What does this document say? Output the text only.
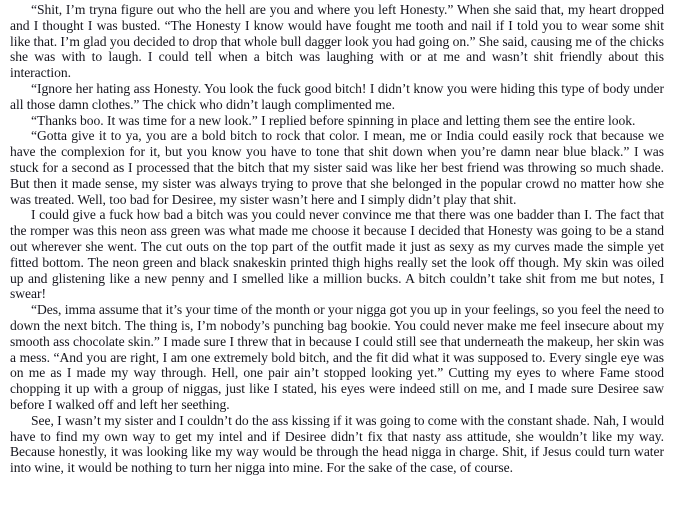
“Shit, I’m tryna figure out who the hell are you and where you left Honesty.” When she said that, my heart dropped and I thought I was busted. “The Honesty I know would have fought me tooth and nail if I told you to wear some shit like that. I’m glad you decided to drop that whole bull dagger look you had going on.” She said, causing me of the chicks she was with to laugh. I could tell when a bitch was laughing with or at me and wasn’t shit friendly about this interaction.

“Ignore her hating ass Honesty. You look the fuck good bitch! I didn’t know you were hiding this type of body under all those damn clothes.” The chick who didn’t laugh complimented me.

“Thanks boo. It was time for a new look.” I replied before spinning in place and letting them see the entire look.

“Gotta give it to ya, you are a bold bitch to rock that color. I mean, me or India could easily rock that because we have the complexion for it, but you know you have to tone that shit down when you’re damn near blue black.” I was stuck for a second as I processed that the bitch that my sister said was like her best friend was throwing so much shade. But then it made sense, my sister was always trying to prove that she belonged in the popular crowd no matter how she was treated. Well, too bad for Desiree, my sister wasn’t here and I simply didn’t play that shit.

I could give a fuck how bad a bitch was you could never convince me that there was one badder than I. The fact that the romper was this neon ass green was what made me choose it because I decided that Honesty was going to be a stand out wherever she went. The cut outs on the top part of the outfit made it just as sexy as my curves made the simple yet fitted bottom. The neon green and black snakeskin printed thigh highs really set the look off though. My skin was oiled up and glistening like a new penny and I smelled like a million bucks. A bitch couldn’t take shit from me but notes, I swear!

“Des, imma assume that it’s your time of the month or your nigga got you up in your feelings, so you feel the need to down the next bitch. The thing is, I’m nobody’s punching bag bookie. You could never make me feel insecure about my smooth ass chocolate skin.” I made sure I threw that in because I could still see that underneath the makeup, her skin was a mess. “And you are right, I am one extremely bold bitch, and the fit did what it was supposed to. Every single eye was on me as I made my way through. Hell, one pair ain’t stopped looking yet.” Cutting my eyes to where Fame stood chopping it up with a group of niggas, just like I stated, his eyes were indeed still on me, and I made sure Desiree saw before I walked off and left her seething.

See, I wasn’t my sister and I couldn’t do the ass kissing if it was going to come with the constant shade. Nah, I would have to find my own way to get my intel and if Desiree didn’t fix that nasty ass attitude, she wouldn’t like my way. Because honestly, it was looking like my way would be through the head nigga in charge. Shit, if Jesus could turn water into wine, it would be nothing to turn her nigga into mine. For the sake of the case, of course.
